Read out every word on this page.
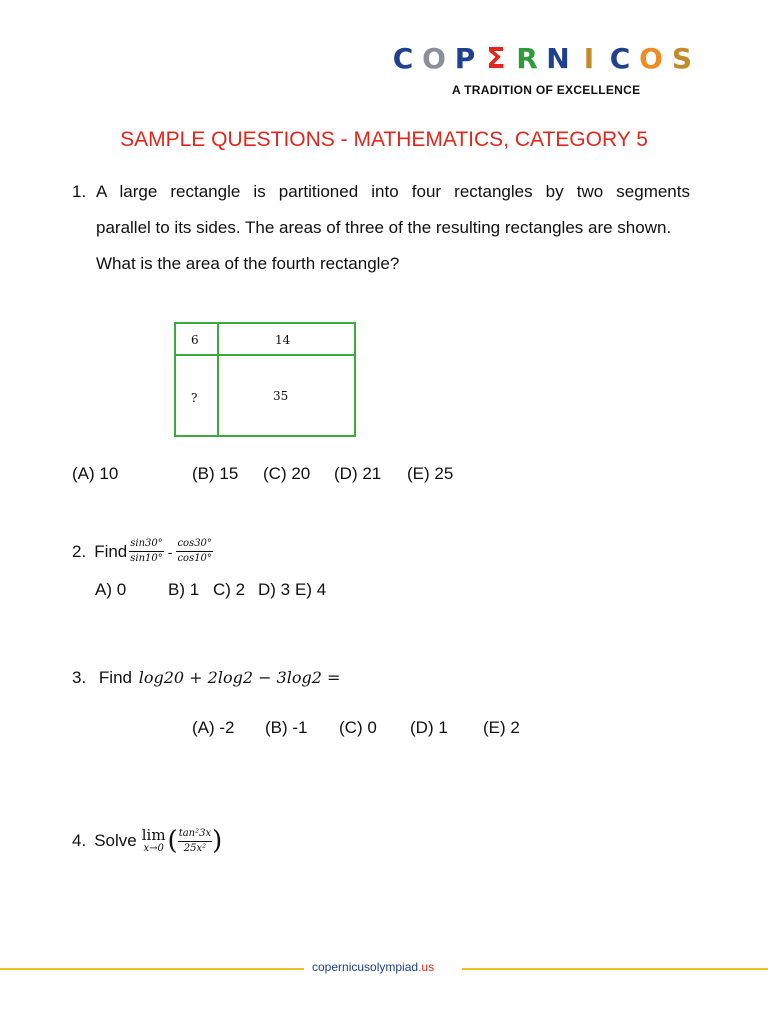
C O P Σ R N I C O S
A TRADITION OF EXCELLENCE
SAMPLE QUESTIONS - MATHEMATICS, CATEGORY 5
1. A large rectangle is partitioned into four rectangles by two segments
parallel to its sides. The areas of three of the resulting rectangles are shown.
What is the area of the fourth rectangle?
6	14
?	35
(A) 10	(B) 15 (C) 20 (D) 21 (E) 25
2. Find $\frac{\sin 30^\circ}{\sin 10^\circ} - \frac{\cos 30^\circ}{\cos 10^\circ}$
A) 0 B) 1 C) 2 D) 3 E) 4
3. Find log20 + 2log2 − 3log2 =
(A) -2 (B) -1 (C) 0 (D) 1 (E) 2
4. Solve lim
x→0 ( $\frac{\text{tan²3x}}{\text{25x²}}$ )
copernicusolympiad.us
